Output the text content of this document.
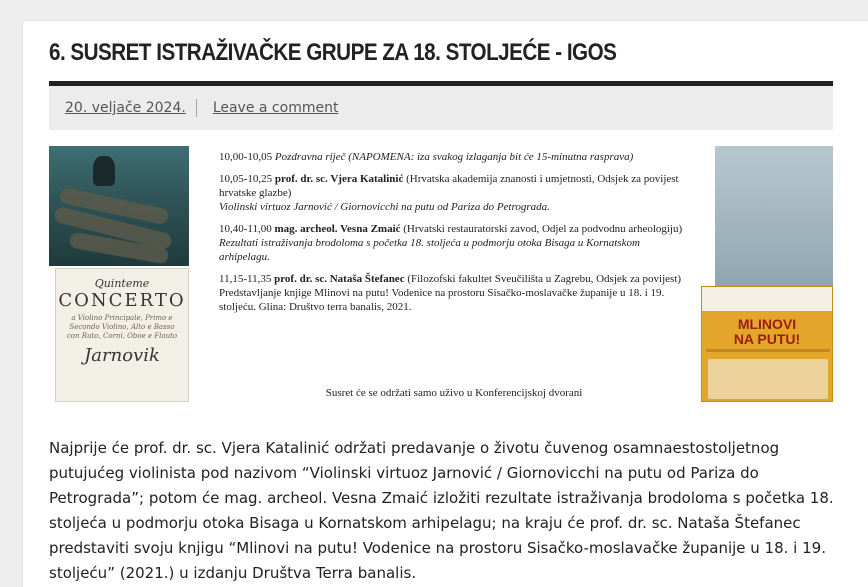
6. SUSRET ISTRAŽIVAČKE GRUPE ZA 18. STOLJEĆE - IGOS
20. veljače 2024. Leave a comment
Quinteme
CONCERTO
a Violino Principale, Primo e Secondo Violino, Alto e Basso con Ruto, Corni, Oboe e Flauto
Jarnovik
10,00-10,05 Pozdravna riječ (NAPOMENA: iza svakog izlaganja bit će 15-minutna rasprava)
10,05-10,25 prof. dr. sc. Vjera Katalinić (Hrvatska akademija znanosti i umjetnosti, Odsjek za povijest hrvatske glazbe)
Violinski virtuoz Jarnović / Giornovicchi na putu od Pariza do Petrograda.
10,40-11,00 mag. archeol. Vesna Zmaić (Hrvatski restauratorski zavod, Odjel za podvodnu arheologiju)
Rezultati istraživanja brodoloma s početka 18. stoljeća u podmorju otoka Bisaga u Kornatskom arhipelagu.
11,15-11,35 prof. dr. sc. Nataša Štefanec (Filozofski fakultet Sveučilišta u Zagrebu, Odsjek za povijest)
Predstavljanje knjige Mlinovi na putu! Vodenice na prostoru Sisačko-moslavačke županije u 18. i 19. stoljeću. Glina: Društvo terra banalis, 2021.
Susret će se održati samo uživo u Konferencijskoj dvorani
MLINOVI
NA PUTU!

Najprije će prof. dr. sc. Vjera Katalinić održati predavanje o životu čuvenog osamnaestostoljetnog putujućeg violinista pod nazivom “Violinski virtuoz Jarnović / Giornovicchi na putu od Pariza do Petrograda”; potom će mag. archeol. Vesna Zmaić izložiti rezultate istraživanja brodoloma s početka 18. stoljeća u podmorju otoka Bisaga u Kornatskom arhipelagu; na kraju će prof. dr. sc. Nataša Štefanec predstaviti svoju knjigu “Mlinovi na putu! Vodenice na prostoru Sisačko-moslavačke županije u 18. i 19. stoljeću” (2021.) u izdanju Društva Terra banalis.
